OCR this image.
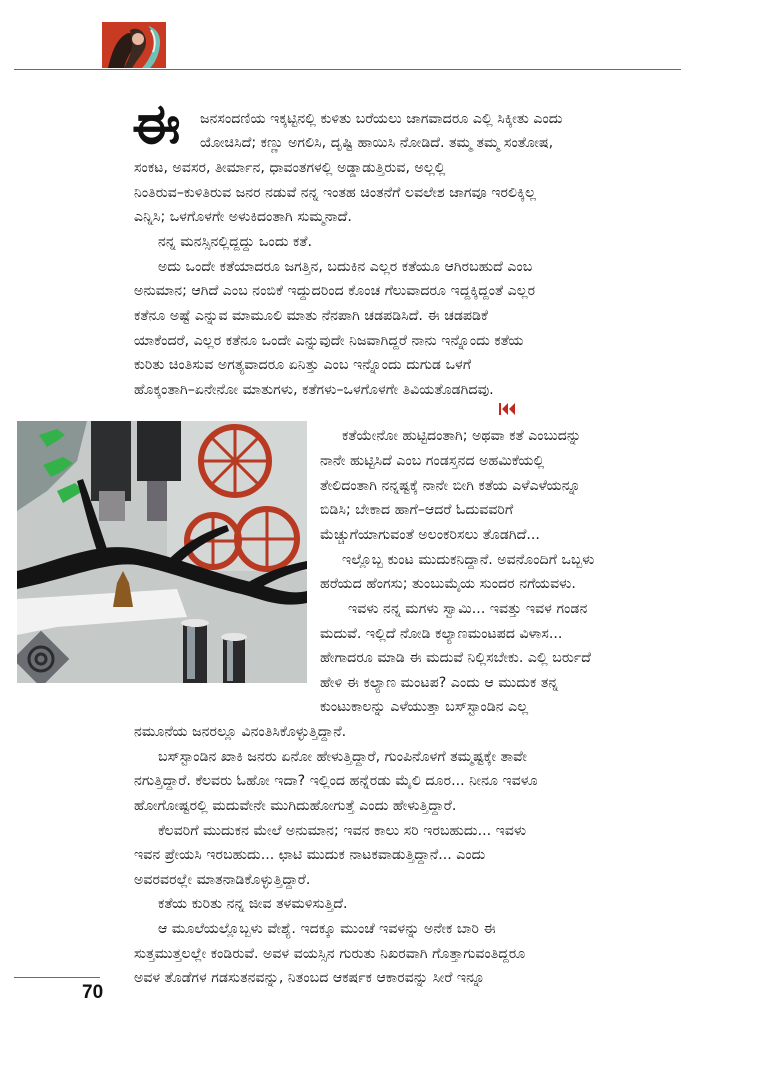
ಈ ಜನಸಂದಣಿಯ ಇಕ್ಕಟ್ಟಿನಲ್ಲಿ ಕುಳಿತು ಬರೆಯಲು ಜಾಗವಾದರೂ ಎಲ್ಲಿ ಸಿಕ್ಕೀತು ಎಂದು
ಯೋಚಿಸಿದೆ; ಕಣ್ಣು ಅಗಲಿಸಿ, ದೃಷ್ಟಿ ಹಾಯಿಸಿ ನೋಡಿದೆ. ತಮ್ಮ ತಮ್ಮ ಸಂತೋಷ,
ಸಂಕಟ, ಅವಸರ, ತೀರ್ಮಾನ, ಧಾವಂತಗಳಲ್ಲಿ ಅಡ್ಡಾಡುತ್ತಿರುವ, ಅಲ್ಲಲ್ಲಿ
ನಿಂತಿರುವ–ಕುಳಿತಿರುವ ಜನರ ನಡುವೆ ನನ್ನ ಇಂತಹ ಚಿಂತನೆಗೆ ಲವಲೇಶ ಜಾಗವೂ ಇರಲಿಕ್ಕಿಲ್ಲ
ಎನ್ನಿಸಿ; ಒಳಗೊಳಗೇ ಅಳುಕಿದಂತಾಗಿ ಸುಮ್ಮನಾದೆ.
ನನ್ನ ಮನಸ್ಸಿನಲ್ಲಿದ್ದದ್ದು ಒಂದು ಕತೆ.
ಅದು ಒಂದೇ ಕತೆಯಾದರೂ ಜಗತ್ತಿನ, ಬದುಕಿನ ಎಲ್ಲರ ಕತೆಯೂ ಆಗಿರಬಹುದೆ ಎಂಬ
ಅನುಮಾನ; ಆಗಿದೆ ಎಂಬ ನಂಬಿಕೆ ಇದ್ದುದರಿಂದ ಕೊಂಚ ಗೆಲುವಾದರೂ ಇದ್ದಕ್ಕಿದ್ದಂತೆ ಎಲ್ಲರ
ಕತೆನೂ ಅಷ್ಟೆ ಎನ್ನುವ ಮಾಮೂಲಿ ಮಾತು ನೆನಪಾಗಿ ಚಡಪಡಿಸಿದೆ. ಈ ಚಡಪಡಿಕೆ
ಯಾಕೆಂದರೆ, ಎಲ್ಲರ ಕತೆನೂ ಒಂದೇ ಎನ್ನುವುದೇ ನಿಜವಾಗಿದ್ದರೆ ನಾನು ಇನ್ನೊಂದು ಕತೆಯ
ಕುರಿತು ಚಿಂತಿಸುವ ಅಗತ್ಯವಾದರೂ ಏನಿತ್ತು ಎಂಬ ಇನ್ನೊಂದು ದುಗುಡ ಒಳಗೆ
ಹೊಕ್ಕಂತಾಗಿ–ಏನೇನೋ ಮಾತುಗಳು, ಕತೆಗಳು–ಒಳಗೊಳಗೇ ತಿವಿಯತೊಡಗಿದವು.
ಕತೆಯೇನೋ ಹುಟ್ಟಿದಂತಾಗಿ; ಅಥವಾ ಕತೆ ಎಂಬುದನ್ನು
ನಾನೇ ಹುಟ್ಟಿಸಿದೆ ಎಂಬ ಗಂಡಸ್ತನದ ಅಹಮಿಕೆಯಲ್ಲಿ
ತೇಲಿದಂತಾಗಿ ನನ್ನಷ್ಟಕ್ಕೆ ನಾನೇ ಬೀಗಿ ಕತೆಯ ಎಳೆಎಳೆಯನ್ನೂ
ಬಿಡಿಸಿ; ಬೇಕಾದ ಹಾಗೆ–ಆದರೆ ಓದುವವರಿಗೆ
ಮೆಚ್ಚುಗೆಯಾಗುವಂತೆ ಅಲಂಕರಿಸಲು ತೊಡಗಿದೆ...
ಇಲ್ಲೊಬ್ಬ ಕುಂಟ ಮುದುಕನಿದ್ದಾನೆ. ಅವನೊಂದಿಗೆ ಒಬ್ಬಳು
ಹರೆಯದ ಹೆಂಗಸು; ತುಂಬುಮೈಯ ಸುಂದರ ನಗೆಯವಳು.
ಇವಳು ನನ್ನ ಮಗಳು ಸ್ವಾಮಿ... ಇವತ್ತು ಇವಳ ಗಂಡನ
ಮದುವೆ. ಇಲ್ಲಿದೆ ನೋಡಿ ಕಲ್ಯಾಣಮಂಟಪದ ವಿಳಾಸ...
ಹೇಗಾದರೂ ಮಾಡಿ ಈ ಮದುವೆ ನಿಲ್ಲಿಸಬೇಕು. ಎಲ್ಲಿ ಬರ್ರುದೆ
ಹೇಳಿ ಈ ಕಲ್ಯಾಣ ಮಂಟಪ? ಎಂದು ಆ ಮುದುಕ ತನ್ನ
ಕುಂಟುಕಾಲನ್ನು ಎಳೆಯುತ್ತಾ ಬಸ್‌ಸ್ಟಾಂಡಿನ ಎಲ್ಲ
ನಮೂನೆಯ ಜನರಲ್ಲೂ ವಿನಂತಿಸಿಕೊಳ್ಳುತ್ತಿದ್ದಾನೆ.
ಬಸ್‌ಸ್ಟಾಂಡಿನ ಖಾಕಿ ಜನರು ಏನೋ ಹೇಳುತ್ತಿದ್ದಾರೆ, ಗುಂಪಿನೊಳಗೆ ತಮ್ಮಷ್ಟಕ್ಕೇ ತಾವೇ
ನಗುತ್ತಿದ್ದಾರೆ. ಕೆಲವರು ಓಹೋ ಇದಾ? ಇಲ್ಲಿಂದ ಹನ್ನೆರಡು ಮೈಲಿ ದೂರ... ನೀನೂ ಇವಳೂ
ಹೋಗೋಷ್ಟರಲ್ಲಿ ಮದುವೇನೇ ಮುಗಿದುಹೋಗುತ್ತೆ ಎಂದು ಹೇಳುತ್ತಿದ್ದಾರೆ.
ಕೆಲವರಿಗೆ ಮುದುಕನ ಮೇಲೆ ಅನುಮಾನ; ಇವನ ಕಾಲು ಸರಿ ಇರಬಹುದು... ಇವಳು
ಇವನ ಪ್ರೇಯಸಿ ಇರಬಹುದು... ಛಾಟಿ ಮುದುಕ ನಾಟಕವಾಡುತ್ತಿದ್ದಾನೆ... ಎಂದು
ಅವರವರಲ್ಲೇ ಮಾತನಾಡಿಕೊಳ್ಳುತ್ತಿದ್ದಾರೆ.
ಕತೆಯ ಕುರಿತು ನನ್ನ ಜೀವ ತಳಮಳಿಸುತ್ತಿದೆ.
ಆ ಮೂಲೆಯಲ್ಲೊಬ್ಬಳು ವೇಶ್ಯೆ. ಇದಕ್ಕೂ ಮುಂಚೆ ಇವಳನ್ನು ಅನೇಕ ಬಾರಿ ಈ
ಸುತ್ತಮುತ್ತಲಲ್ಲೇ ಕಂಡಿರುವೆ. ಅವಳ ವಯಸ್ಸಿನ ಗುರುತು ನಿಖರವಾಗಿ ಗೊತ್ತಾಗುವಂತಿದ್ದರೂ
ಅವಳ ತೊಡೆಗಳ ಗಡಸುತನವನ್ನು, ನಿತಂಬದ ಆಕರ್ಷಕ ಆಕಾರವನ್ನು ಸೀರೆ ಇನ್ನೂ
70
